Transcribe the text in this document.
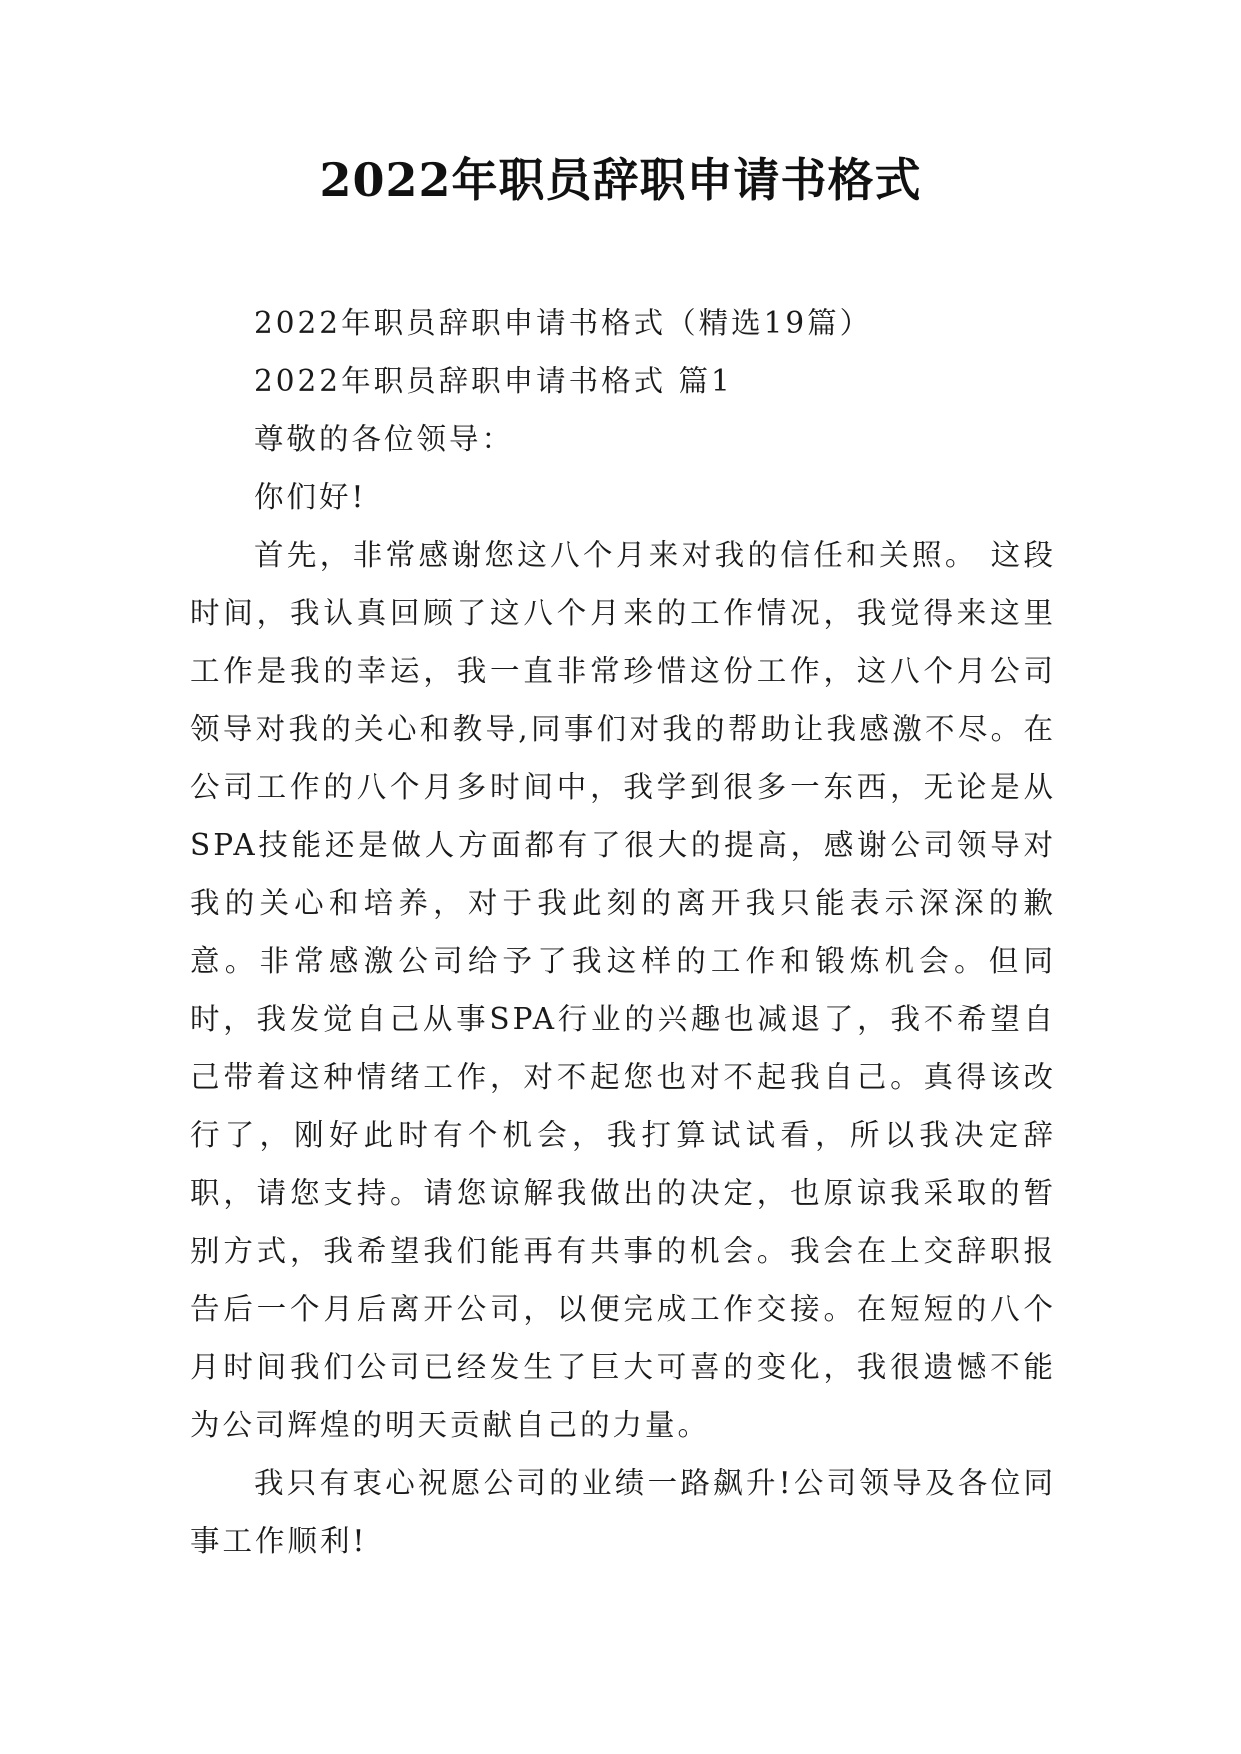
2022年职员辞职申请书格式

2022年职员辞职申请书格式（精选19篇）

2022年职员辞职申请书格式 篇1

尊敬的各位领导：

你们好!

首先，非常感谢您这八个月来对我的信任和关照。 这段时间，我认真回顾了这八个月来的工作情况，我觉得来这里工作是我的幸运，我一直非常珍惜这份工作，这八个月公司领导对我的关心和教导,同事们对我的帮助让我感激不尽。在公司工作的八个月多时间中，我学到很多一东西，无论是从SPA技能还是做人方面都有了很大的提高，感谢公司领导对我的关心和培养，对于我此刻的离开我只能表示深深的歉意。非常感激公司给予了我这样的工作和锻炼机会。但同时，我发觉自己从事SPA行业的兴趣也减退了，我不希望自己带着这种情绪工作，对不起您也对不起我自己。真得该改行了，刚好此时有个机会，我打算试试看，所以我决定辞职，请您支持。请您谅解我做出的决定，也原谅我采取的暂别方式，我希望我们能再有共事的机会。我会在上交辞职报告后一个月后离开公司，以便完成工作交接。在短短的八个月时间我们公司已经发生了巨大可喜的变化，我很遗憾不能为公司辉煌的明天贡献自己的力量。

我只有衷心祝愿公司的业绩一路飙升!公司领导及各位同事工作顺利!
